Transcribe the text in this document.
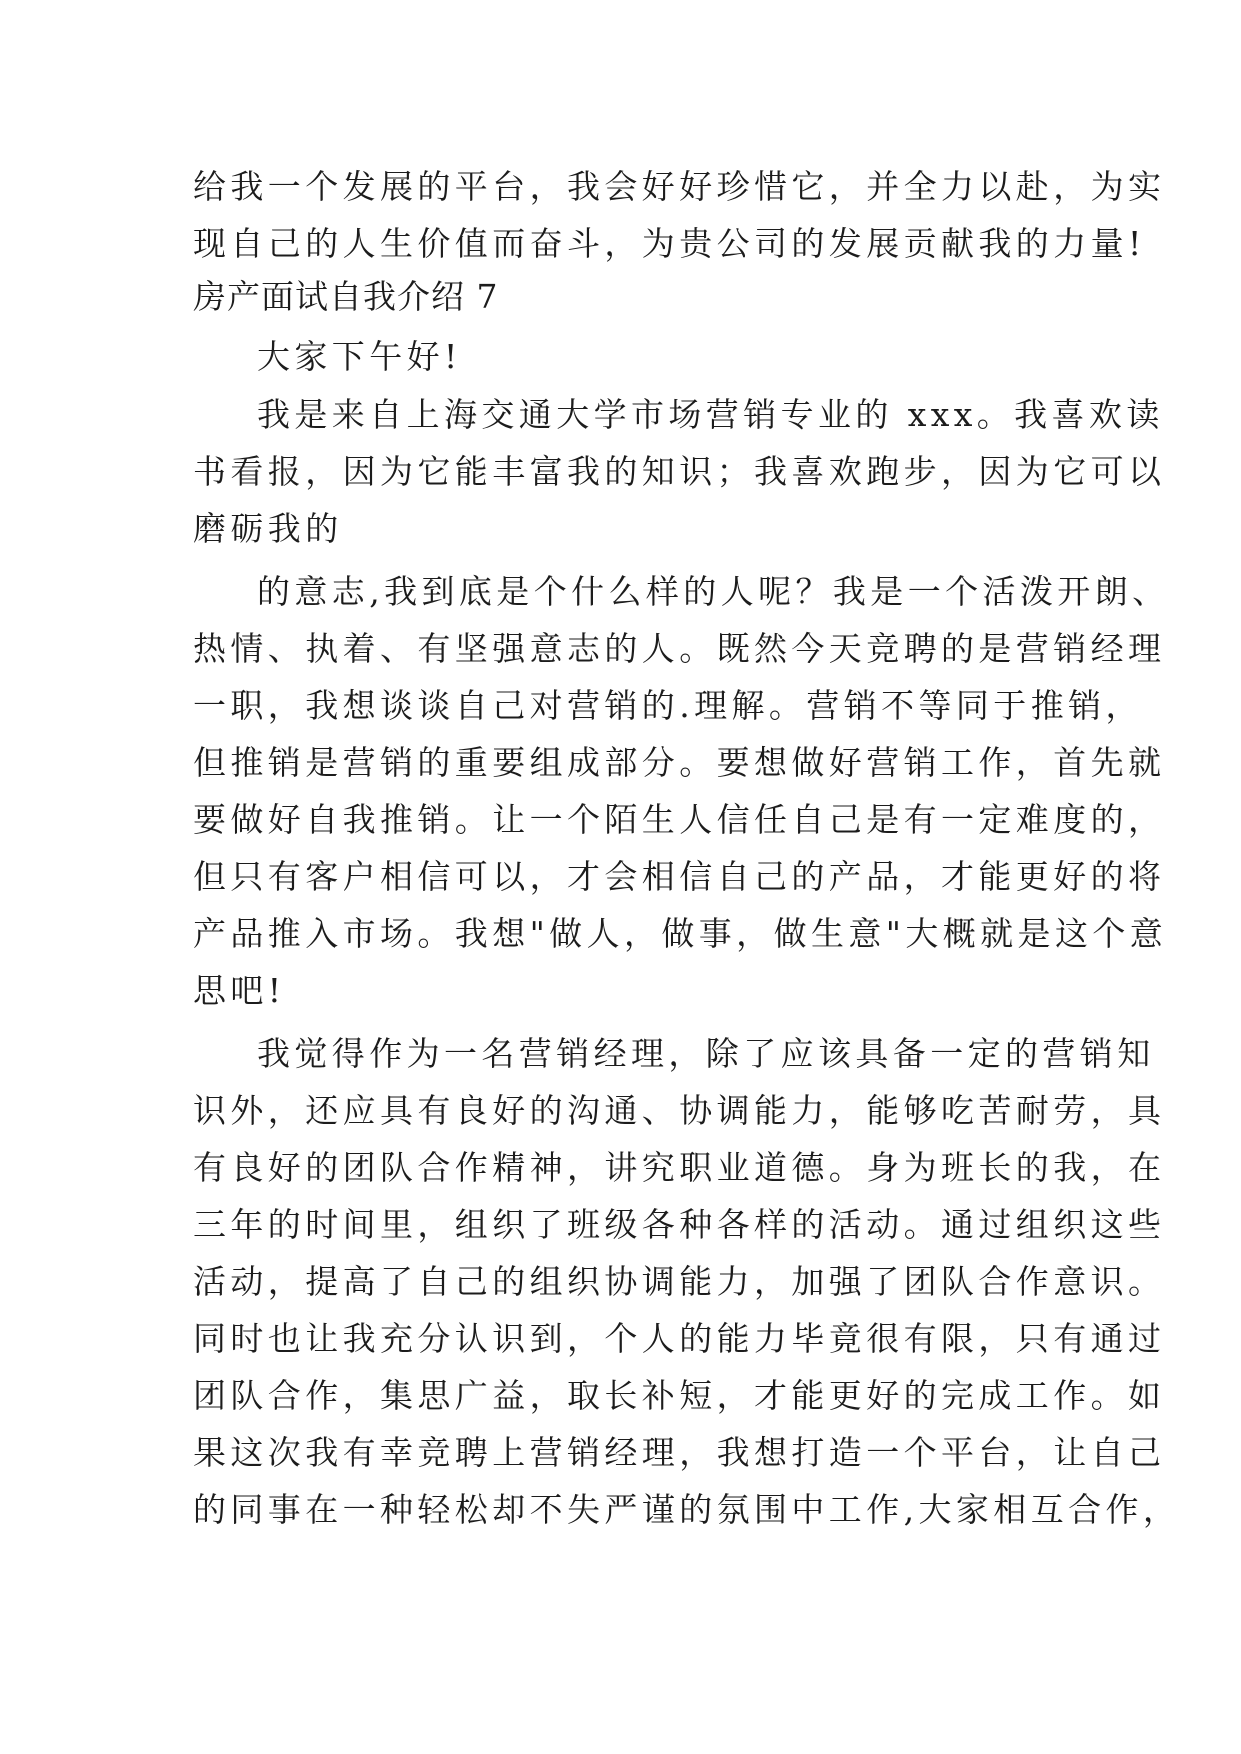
给我一个发展的平台，我会好好珍惜它，并全力以赴，为实
现自己的人生价值而奋斗，为贵公司的发展贡献我的力量!
房产面试自我介绍 7
大家下午好!
我是来自上海交通大学市场营销专业的 xxx。我喜欢读
书看报，因为它能丰富我的知识；我喜欢跑步，因为它可以
磨砺我的
的意志,我到底是个什么样的人呢？我是一个活泼开朗、
热情、执着、有坚强意志的人。既然今天竞聘的是营销经理
一职，我想谈谈自己对营销的.理解。营销不等同于推销，
但推销是营销的重要组成部分。要想做好营销工作，首先就
要做好自我推销。让一个陌生人信任自己是有一定难度的，
但只有客户相信可以，才会相信自己的产品，才能更好的将
产品推入市场。我想"做人，做事，做生意"大概就是这个意
思吧!
我觉得作为一名营销经理，除了应该具备一定的营销知
识外，还应具有良好的沟通、协调能力，能够吃苦耐劳，具
有良好的团队合作精神，讲究职业道德。身为班长的我，在
三年的时间里，组织了班级各种各样的活动。通过组织这些
活动，提高了自己的组织协调能力，加强了团队合作意识。
同时也让我充分认识到，个人的能力毕竟很有限，只有通过
团队合作，集思广益，取长补短，才能更好的完成工作。如
果这次我有幸竞聘上营销经理，我想打造一个平台，让自己
的同事在一种轻松却不失严谨的氛围中工作,大家相互合作，
